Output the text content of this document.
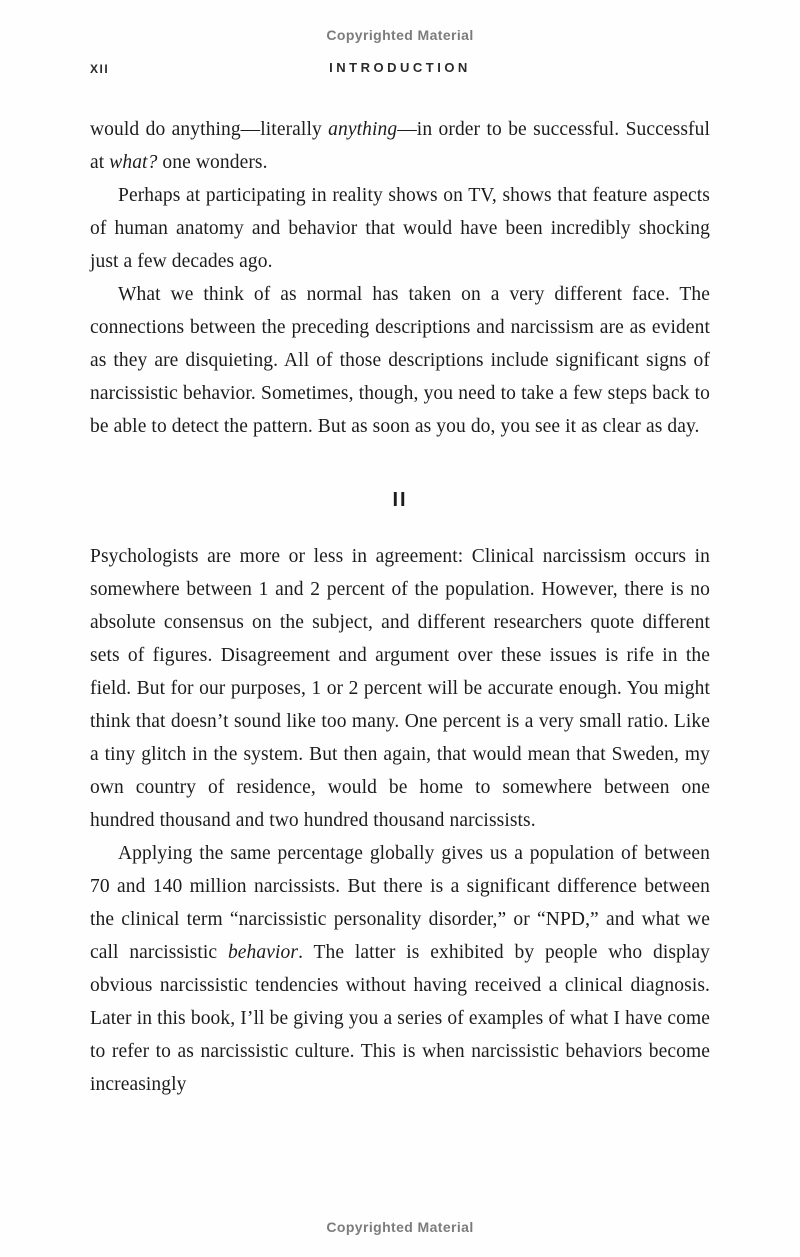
Copyrighted Material
XII	INTRODUCTION

would do anything—literally anything—in order to be successful. Successful at what? one wonders.

Perhaps at participating in reality shows on TV, shows that feature aspects of human anatomy and behavior that would have been incredibly shocking just a few decades ago.

What we think of as normal has taken on a very different face. The connections between the preceding descriptions and narcissism are as evident as they are disquieting. All of those descriptions include significant signs of narcissistic behavior. Sometimes, though, you need to take a few steps back to be able to detect the pattern. But as soon as you do, you see it as clear as day.

II

Psychologists are more or less in agreement: Clinical narcissism occurs in somewhere between 1 and 2 percent of the population. However, there is no absolute consensus on the subject, and different researchers quote different sets of figures. Disagreement and argument over these issues is rife in the field. But for our purposes, 1 or 2 percent will be accurate enough. You might think that doesn’t sound like too many. One percent is a very small ratio. Like a tiny glitch in the system. But then again, that would mean that Sweden, my own country of residence, would be home to somewhere between one hundred thousand and two hundred thousand narcissists.

Applying the same percentage globally gives us a population of between 70 and 140 million narcissists. But there is a significant difference between the clinical term “narcissistic personality disorder,” or “NPD,” and what we call narcissistic behavior. The latter is exhibited by people who display obvious narcissistic tendencies without having received a clinical diagnosis. Later in this book, I’ll be giving you a series of examples of what I have come to refer to as narcissistic culture. This is when narcissistic behaviors become increasingly

Copyrighted Material
